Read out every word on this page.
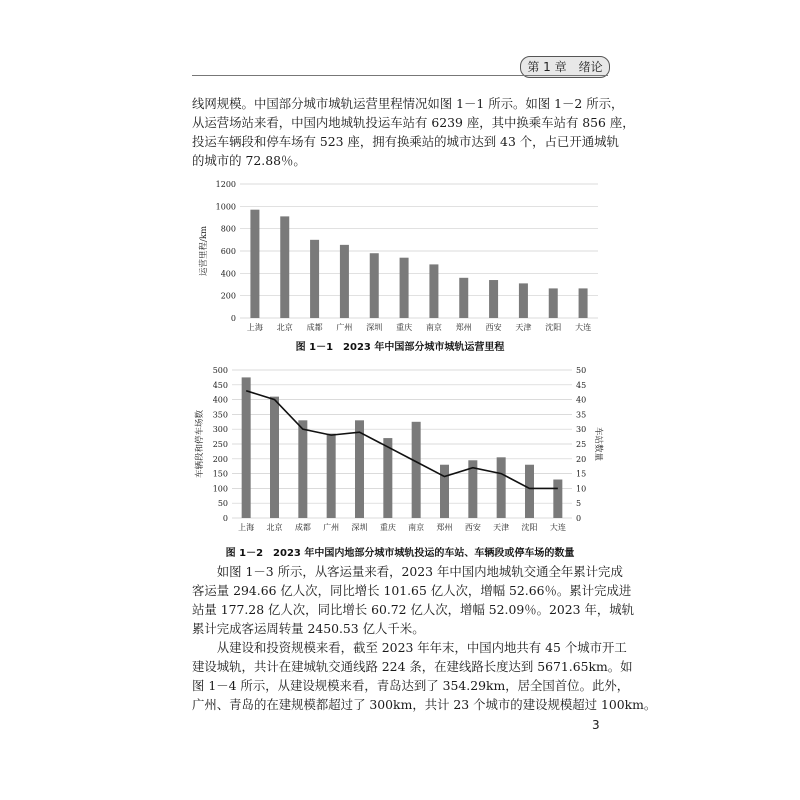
第 1 章　绪论
线网规模。中国部分城市城轨运营里程情况如图 1－1 所示。如图 1－2 所示，
从运营场站来看，中国内地城轨投运车站有 6239 座，其中换乘车站有 856 座，
投运车辆段和停车场有 523 座，拥有换乘站的城市达到 43 个，占已开通城轨
的城市的 72.88％。
0
200
400
600
800
1000
1200
上海 北京 成都 广州 深圳 重庆 南京 郑州 西安 天津 沈阳 大连
运营里程/km
图 1－1　2023 年中国部分城市城轨运营里程
0
50
100
150
200
250
300
350
400
450
500
0
5
10
15
20
25
30
35
40
45
50
上海 北京 成都 广州 深圳 重庆 南京 郑州 西安 天津 沈阳 大连
车辆段和停车场数	车站数量
图 1－2　2023 年中国内地部分城市城轨投运的车站、车辆段或停车场的数量
　　如图 1－3 所示，从客运量来看，2023 年中国内地城轨交通全年累计完成
客运量 294.66 亿人次，同比增长 101.65 亿人次，增幅 52.66％。累计完成进
站量 177.28 亿人次，同比增长 60.72 亿人次，增幅 52.09％。2023 年，城轨
累计完成客运周转量 2450.53 亿人千米。
　　从建设和投资规模来看，截至 2023 年年末，中国内地共有 45 个城市开工
建设城轨，共计在建城轨交通线路 224 条，在建线路长度达到 5671.65km。如
图 1－4 所示，从建设规模来看，青岛达到了 354.29km，居全国首位。此外，
广州、青岛的在建规模都超过了 300km，共计 23 个城市的建设规模超过 100km。
3
